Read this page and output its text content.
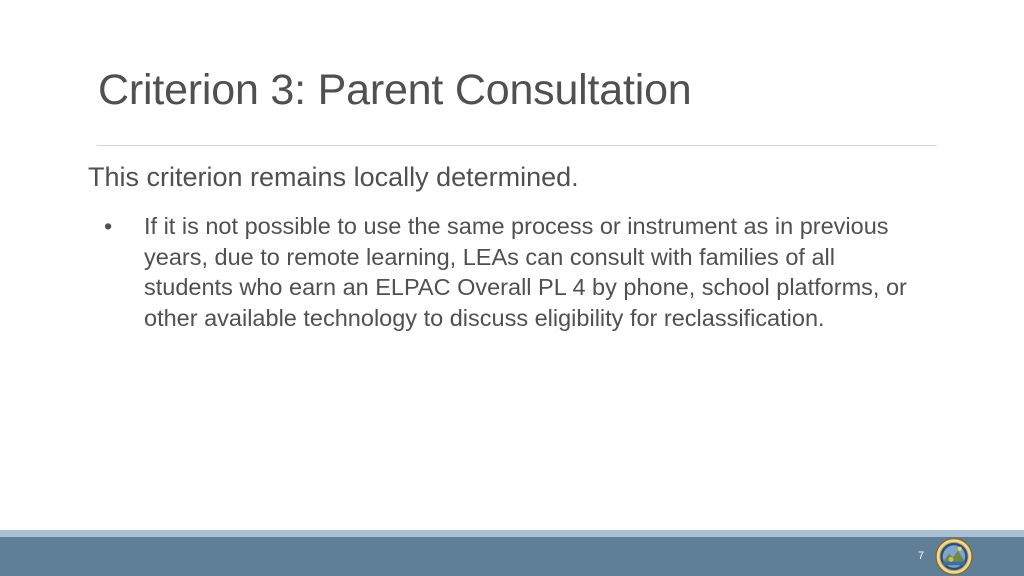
Criterion 3: Parent Consultation

This criterion remains locally determined.

•	If it is not possible to use the same process or instrument as in previous years, due to remote learning, LEAs can consult with families of all students who earn an ELPAC Overall PL 4 by phone, school platforms, or other available technology to discuss eligibility for reclassification.
7
